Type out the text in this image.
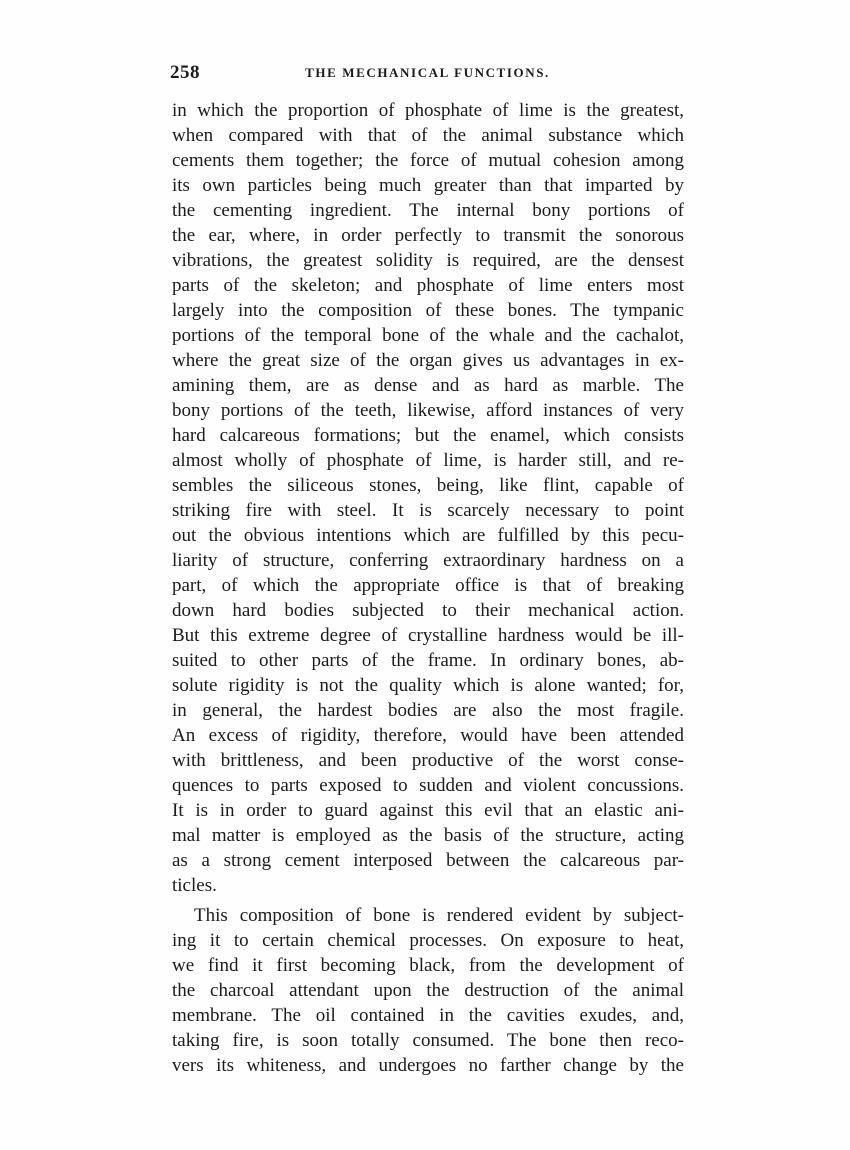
258	THE MECHANICAL FUNCTIONS.
in which the proportion of phosphate of lime is the greatest,
when compared with that of the animal substance which
cements them together; the force of mutual cohesion among
its own particles being much greater than that imparted by
the cementing ingredient. The internal bony portions of
the ear, where, in order perfectly to transmit the sonorous
vibrations, the greatest solidity is required, are the densest
parts of the skeleton; and phosphate of lime enters most
largely into the composition of these bones. The tympanic
portions of the temporal bone of the whale and the cachalot,
where the great size of the organ gives us advantages in ex-
amining them, are as dense and as hard as marble. The
bony portions of the teeth, likewise, afford instances of very
hard calcareous formations; but the enamel, which consists
almost wholly of phosphate of lime, is harder still, and re-
sembles the siliceous stones, being, like flint, capable of
striking fire with steel. It is scarcely necessary to point
out the obvious intentions which are fulfilled by this pecu-
liarity of structure, conferring extraordinary hardness on a
part, of which the appropriate office is that of breaking
down hard bodies subjected to their mechanical action.
But this extreme degree of crystalline hardness would be ill-
suited to other parts of the frame. In ordinary bones, ab-
solute rigidity is not the quality which is alone wanted; for,
in general, the hardest bodies are also the most fragile.
An excess of rigidity, therefore, would have been attended
with brittleness, and been productive of the worst conse-
quences to parts exposed to sudden and violent concussions.
It is in order to guard against this evil that an elastic ani-
mal matter is employed as the basis of the structure, acting
as a strong cement interposed between the calcareous par-
ticles.
This composition of bone is rendered evident by subject-
ing it to certain chemical processes. On exposure to heat,
we find it first becoming black, from the development of
the charcoal attendant upon the destruction of the animal
membrane. The oil contained in the cavities exudes, and,
taking fire, is soon totally consumed. The bone then reco-
vers its whiteness, and undergoes no farther change by the
